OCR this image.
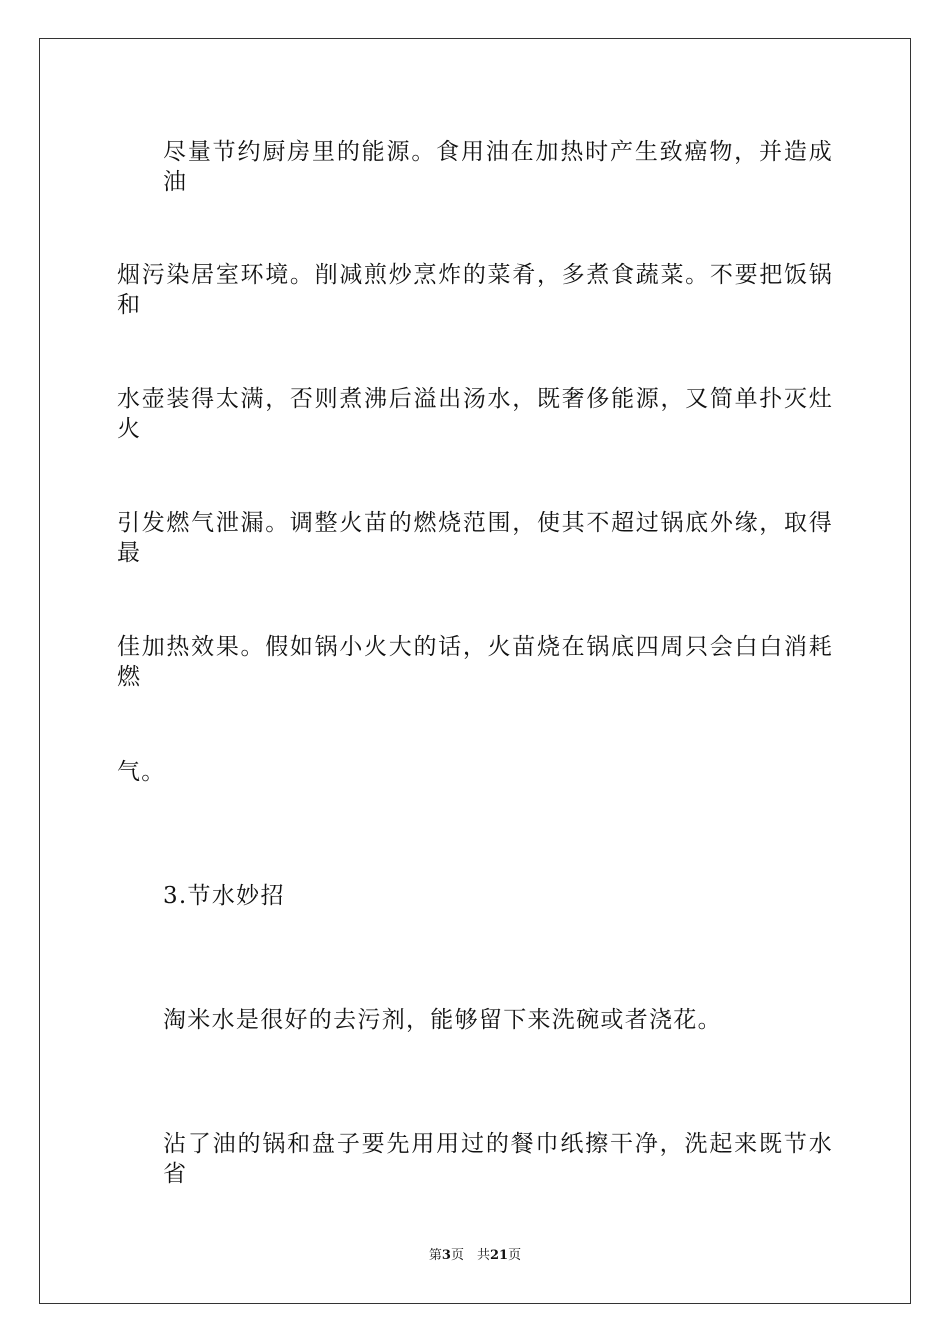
尽量节约厨房里的能源。食用油在加热时产生致癌物，并造成油
烟污染居室环境。削减煎炒烹炸的菜肴，多煮食蔬菜。不要把饭锅和
水壶装得太满，否则煮沸后溢出汤水，既奢侈能源，又简单扑灭灶火
引发燃气泄漏。调整火苗的燃烧范围，使其不超过锅底外缘，取得最
佳加热效果。假如锅小火大的话，火苗烧在锅底四周只会白白消耗燃
气。
3.节水妙招
淘米水是很好的去污剂，能够留下来洗碗或者浇花。
沾了油的锅和盘子要先用用过的餐巾纸擦干净，洗起来既节水省
第3页　共21页
